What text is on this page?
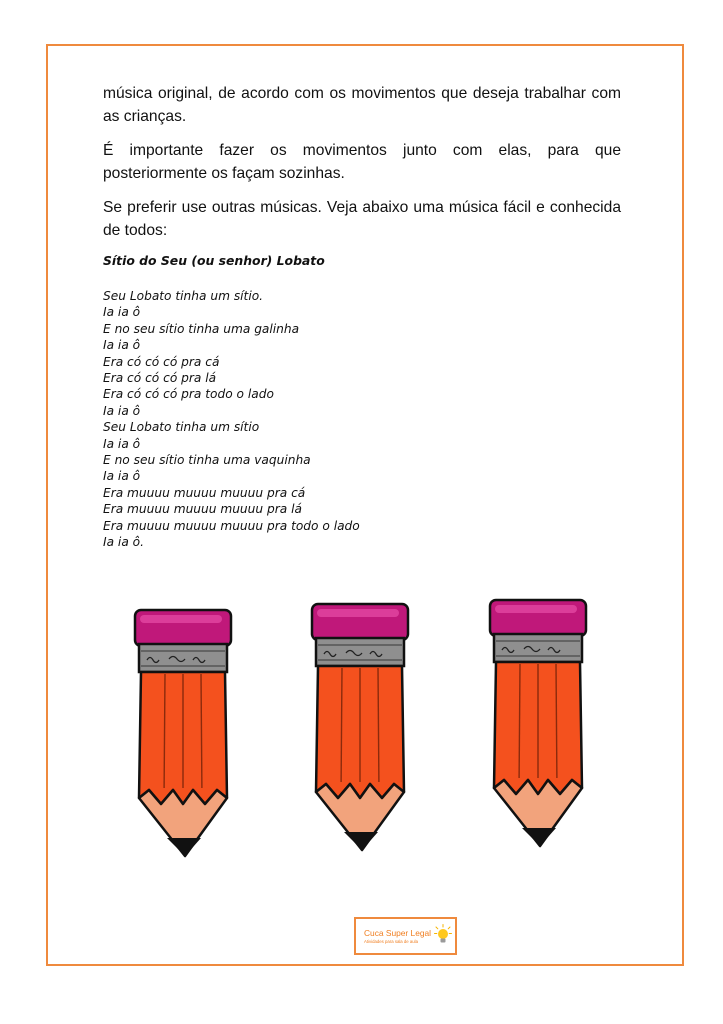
música original, de acordo com os movimentos que deseja trabalhar com as crianças.

É importante fazer os movimentos junto com elas, para que posteriormente os façam sozinhas.

Se preferir use outras músicas. Veja abaixo uma música fácil e conhecida de todos:

Sítio do Seu (ou senhor) Lobato
Seu Lobato tinha um sítio.
Ia ia ô
E no seu sítio tinha uma galinha
Ia ia ô
Era có có có pra cá
Era có có có pra lá
Era có có có pra todo o lado
Ia ia ô
Seu Lobato tinha um sítio
Ia ia ô
E no seu sítio tinha uma vaquinha
Ia ia ô
Era muuuu muuuu muuuu pra cá
Era muuuu muuuu muuuu pra lá
Era muuuu muuuu muuuu pra todo o lado
Ia ia ô.
Cuca Super Legal
Atividades para sala de aula
